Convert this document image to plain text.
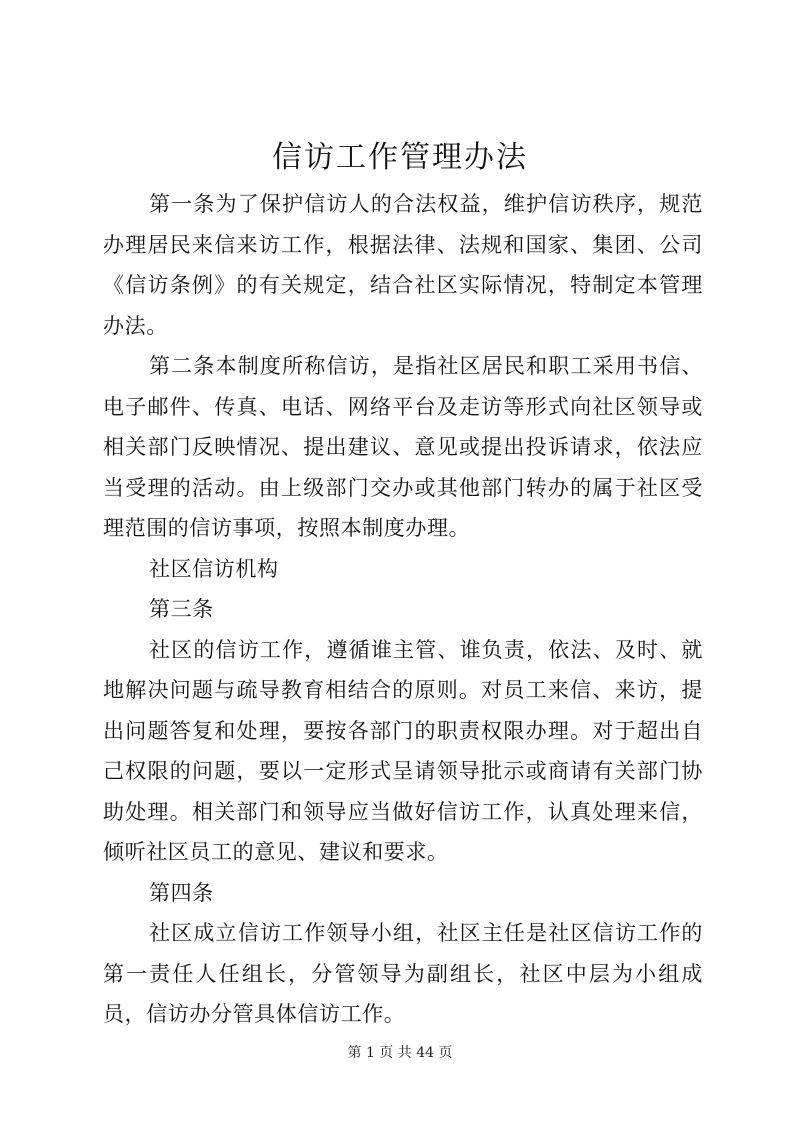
信访工作管理办法

第一条为了保护信访人的合法权益，维护信访秩序，规范办理居民来信来访工作，根据法律、法规和国家、集团、公司《信访条例》的有关规定，结合社区实际情况，特制定本管理办法。

第二条本制度所称信访，是指社区居民和职工采用书信、电子邮件、传真、电话、网络平台及走访等形式向社区领导或相关部门反映情况、提出建议、意见或提出投诉请求，依法应当受理的活动。由上级部门交办或其他部门转办的属于社区受理范围的信访事项，按照本制度办理。

社区信访机构

第三条

社区的信访工作，遵循谁主管、谁负责，依法、及时、就地解决问题与疏导教育相结合的原则。对员工来信、来访，提出问题答复和处理，要按各部门的职责权限办理。对于超出自己权限的问题，要以一定形式呈请领导批示或商请有关部门协助处理。相关部门和领导应当做好信访工作，认真处理来信，倾听社区员工的意见、建议和要求。

第四条

社区成立信访工作领导小组，社区主任是社区信访工作的第一责任人任组长，分管领导为副组长，社区中层为小组成员，信访办分管具体信访工作。

第 1 页 共 44 页
